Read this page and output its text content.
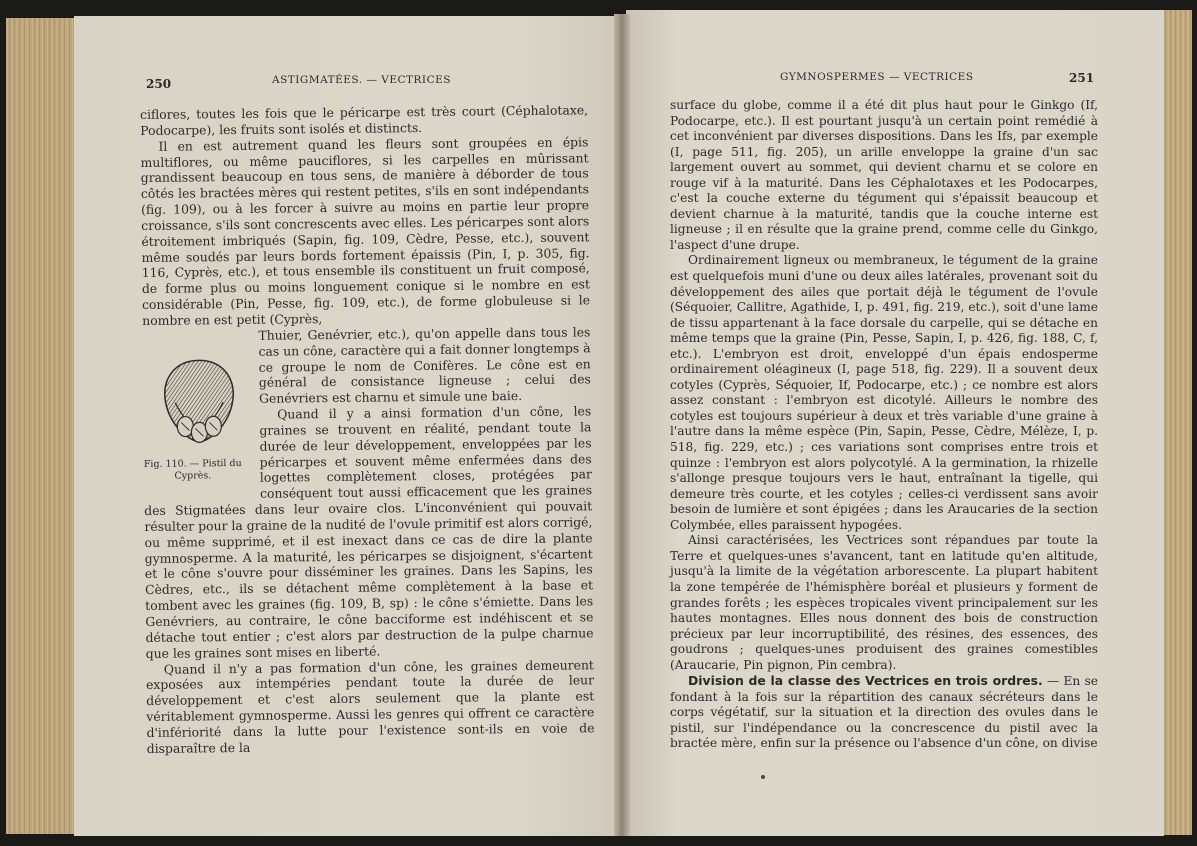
250	ASTIGMATÉES. — VECTRICES

ciflores, toutes les fois que le péricarpe est très court (Céphalotaxe, Podocarpe), les fruits sont isolés et distincts.

Il en est autrement quand les fleurs sont groupées en épis multiflores, ou même pauciflores, si les carpelles en mûrissant grandissent beaucoup en tous sens, de manière à déborder de tous côtés les bractées mères qui restent petites, s'ils en sont indépendants (fig. 109), ou à les forcer à suivre au moins en partie leur propre croissance, s'ils sont concrescents avec elles. Les péricarpes sont alors étroitement imbriqués (Sapin, fig. 109, Cèdre, Pesse, etc.), souvent même soudés par leurs bords fortement épaissis (Pin, I, p. 305, fig. 116, Cyprès, etc.), et tous ensemble ils constituent un fruit composé, de forme plus ou moins longuement conique si le nombre en est considérable (Pin, Pesse, fig. 109, etc.), de forme globuleuse si le nombre en est petit (Cyprès,

Fig. 110. — Pistil du Cyprès.

Thuier, Genévrier, etc.), qu'on appelle dans tous les cas un cône, caractère qui a fait donner longtemps à ce groupe le nom de Conifères. Le cône est en général de consistance ligneuse ; celui des Genévriers est charnu et simule une baie.

Quand il y a ainsi formation d'un cône, les graines se trouvent en réalité, pendant toute la durée de leur développement, enveloppées par les péricarpes et souvent même enfermées dans des logettes complètement closes, protégées par conséquent tout aussi efficacement que les graines des Stigmatées dans leur ovaire clos. L'inconvénient qui pouvait résulter pour la graine de la nudité de l'ovule primitif est alors corrigé, ou même supprimé, et il est inexact dans ce cas de dire la plante gymnosperme. A la maturité, les péricarpes se disjoignent, s'écartent et le cône s'ouvre pour disséminer les graines. Dans les Sapins, les Cèdres, etc., ils se détachent même complètement à la base et tombent avec les graines (fig. 109, B, sp) : le cône s'émiette. Dans les Genévriers, au contraire, le cône bacciforme est indéhiscent et se détache tout entier ; c'est alors par destruction de la pulpe charnue que les graines sont mises en liberté.

Quand il n'y a pas formation d'un cône, les graines demeurent exposées aux intempéries pendant toute la durée de leur développement et c'est alors seulement que la plante est véritablement gymnosperme. Aussi les genres qui offrent ce caractère d'infériorité dans la lutte pour l'existence sont-ils en voie de disparaître de la

GYMNOSPERMES — VECTRICES	251

surface du globe, comme il a été dit plus haut pour le Ginkgo (If, Podocarpe, etc.). Il est pourtant jusqu'à un certain point remédié à cet inconvénient par diverses dispositions. Dans les Ifs, par exemple (I, page 511, fig. 205), un arille enveloppe la graine d'un sac largement ouvert au sommet, qui devient charnu et se colore en rouge vif à la maturité. Dans les Céphalotaxes et les Podocarpes, c'est la couche externe du tégument qui s'épaissit beaucoup et devient charnue à la maturité, tandis que la couche interne est ligneuse ; il en résulte que la graine prend, comme celle du Ginkgo, l'aspect d'une drupe.

Ordinairement ligneux ou membraneux, le tégument de la graine est quelquefois muni d'une ou deux ailes latérales, provenant soit du développement des ailes que portait déjà le tégument de l'ovule (Séquoier, Callitre, Agathide, I, p. 491, fig. 219, etc.), soit d'une lame de tissu appartenant à la face dorsale du carpelle, qui se détache en même temps que la graine (Pin, Pesse, Sapin, I, p. 426, fig. 188, C, f, etc.). L'embryon est droit, enveloppé d'un épais endosperme ordinairement oléagineux (I, page 518, fig. 229). Il a souvent deux cotyles (Cyprès, Séquoier, If, Podocarpe, etc.) ; ce nombre est alors assez constant : l'embryon est dicotylé. Ailleurs le nombre des cotyles est toujours supérieur à deux et très variable d'une graine à l'autre dans la même espèce (Pin, Sapin, Pesse, Cèdre, Mélèze, I, p. 518, fig. 229, etc.) ; ces variations sont comprises entre trois et quinze : l'embryon est alors polycotylé. A la germination, la rhizelle s'allonge presque toujours vers le haut, entraînant la tigelle, qui demeure très courte, et les cotyles ; celles-ci verdissent sans avoir besoin de lumière et sont épigées ; dans les Araucaries de la section Colymbée, elles paraissent hypogées.

Ainsi caractérisées, les Vectrices sont répandues par toute la Terre et quelques-unes s'avancent, tant en latitude qu'en altitude, jusqu'à la limite de la végétation arborescente. La plupart habitent la zone tempérée de l'hémisphère boréal et plusieurs y forment de grandes forêts ; les espèces tropicales vivent principalement sur les hautes montagnes. Elles nous donnent des bois de construction précieux par leur incorruptibilité, des résines, des essences, des goudrons ; quelques-unes produisent des graines comestibles (Araucarie, Pin pignon, Pin cembra).

Division de la classe des Vectrices en trois ordres. — En se fondant à la fois sur la répartition des canaux sécréteurs dans le corps végétatif, sur la situation et la direction des ovules dans le pistil, sur l'indépendance ou la concrescence du pistil avec la bractée mère, enfin sur la présence ou l'absence d'un cône, on divise
